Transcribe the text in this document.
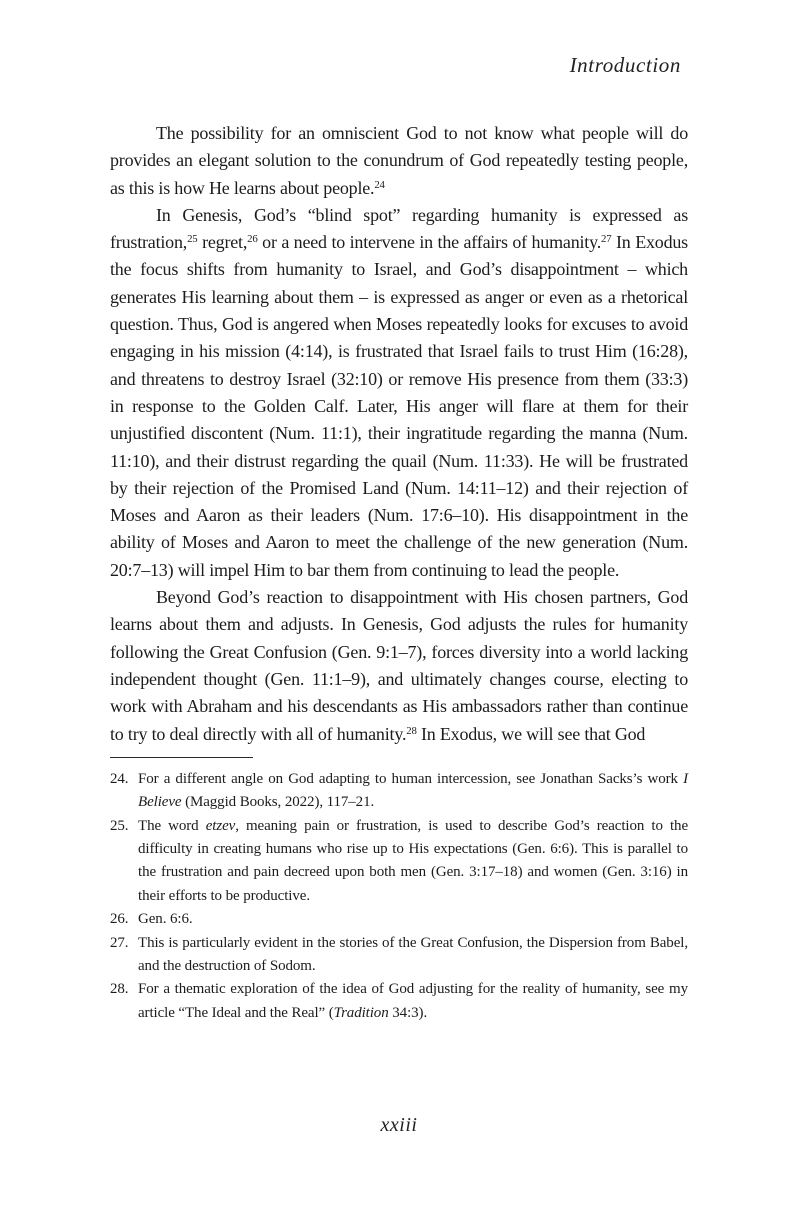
Introduction

The possibility for an omniscient God to not know what people will do provides an elegant solution to the conundrum of God repeatedly testing people, as this is how He learns about people.$^{24}$

In Genesis, God’s “blind spot” regarding humanity is expressed as frustration,$^{25}$ regret,$^{26}$ or a need to intervene in the affairs of humanity.$^{27}$ In Exodus the focus shifts from humanity to Israel, and God’s disappointment – which generates His learning about them – is expressed as anger or even as a rhetorical question. Thus, God is angered when Moses repeatedly looks for excuses to avoid engaging in his mission (4:14), is frustrated that Israel fails to trust Him (16:28), and threatens to destroy Israel (32:10) or remove His presence from them (33:3) in response to the Golden Calf. Later, His anger will flare at them for their unjustified discontent (Num. 11:1), their ingratitude regarding the manna (Num. 11:10), and their distrust regarding the quail (Num. 11:33). He will be frustrated by their rejection of the Promised Land (Num. 14:11–12) and their rejection of Moses and Aaron as their leaders (Num. 17:6–10). His disappointment in the ability of Moses and Aaron to meet the challenge of the new generation (Num. 20:7–13) will impel Him to bar them from continuing to lead the people.

Beyond God’s reaction to disappointment with His chosen partners, God learns about them and adjusts. In Genesis, God adjusts the rules for humanity following the Great Confusion (Gen. 9:1–7), forces diversity into a world lacking independent thought (Gen. 11:1–9), and ultimately changes course, electing to work with Abraham and his descendants as His ambassadors rather than continue to try to deal directly with all of humanity.$^{28}$ In Exodus, we will see that God

24. For a different angle on God adapting to human intercession, see Jonathan Sacks’s work I Believe (Maggid Books, 2022), 117–21.
25. The word etzev, meaning pain or frustration, is used to describe God’s reaction to the difficulty in creating humans who rise up to His expectations (Gen. 6:6). This is parallel to the frustration and pain decreed upon both men (Gen. 3:17–18) and women (Gen. 3:16) in their efforts to be productive.
26. Gen. 6:6.
27. This is particularly evident in the stories of the Great Confusion, the Dispersion from Babel, and the destruction of Sodom.
28. For a thematic exploration of the idea of God adjusting for the reality of humanity, see my article “The Ideal and the Real” (Tradition 34:3).
xxiii
